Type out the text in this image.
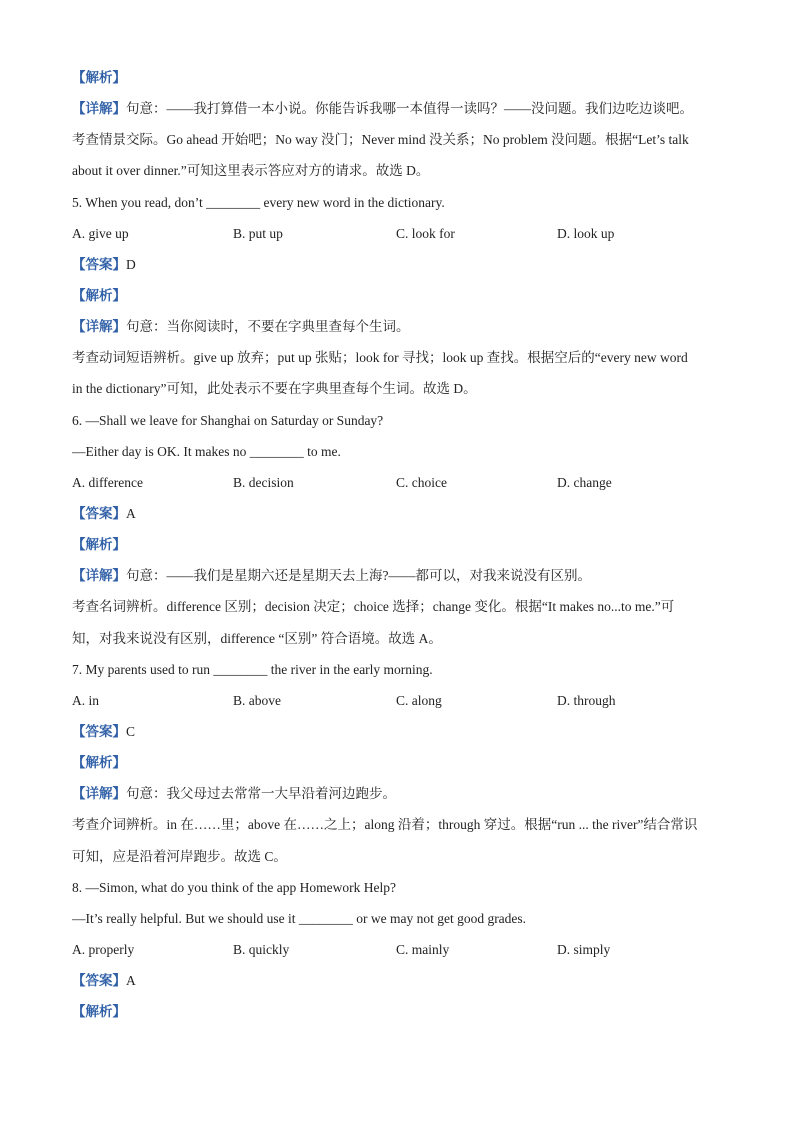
【解析】
【详解】句意：——我打算借一本小说。你能告诉我哪一本值得一读吗？——没问题。我们边吃边谈吧。
考查情景交际。Go ahead 开始吧；No way 没门；Never mind 没关系；No problem 没问题。根据“Let’s talk
about it over dinner.”可知这里表示答应对方的请求。故选 D。
5. When you read, don’t ________ every new word in the dictionary.
A. give up	B. put up	C. look for	D. look up
【答案】D
【解析】
【详解】句意：当你阅读时，不要在字典里查每个生词。
考查动词短语辨析。give up 放弃；put up 张贴；look for 寻找；look up 查找。根据空后的“every new word
in the dictionary”可知，此处表示不要在字典里查每个生词。故选 D。
6. —Shall we leave for Shanghai on Saturday or Sunday?
—Either day is OK. It makes no ________ to me.
A. difference	B. decision	C. choice	D. change
【答案】A
【解析】
【详解】句意：——我们是星期六还是星期天去上海?——都可以，对我来说没有区别。
考查名词辨析。difference 区别；decision 决定；choice 选择；change 变化。根据“It makes no...to me.”可
知，对我来说没有区别，difference “区别” 符合语境。故选 A。
7. My parents used to run ________ the river in the early morning.
A. in	B. above	C. along	D. through
【答案】C
【解析】
【详解】句意：我父母过去常常一大早沿着河边跑步。
考查介词辨析。in 在……里；above 在……之上；along 沿着；through 穿过。根据“run ... the river”结合常识
可知，应是沿着河岸跑步。故选 C。
8. —Simon, what do you think of the app Homework Help?
—It’s really helpful. But we should use it ________ or we may not get good grades.
A. properly	B. quickly	C. mainly	D. simply
【答案】A
【解析】
